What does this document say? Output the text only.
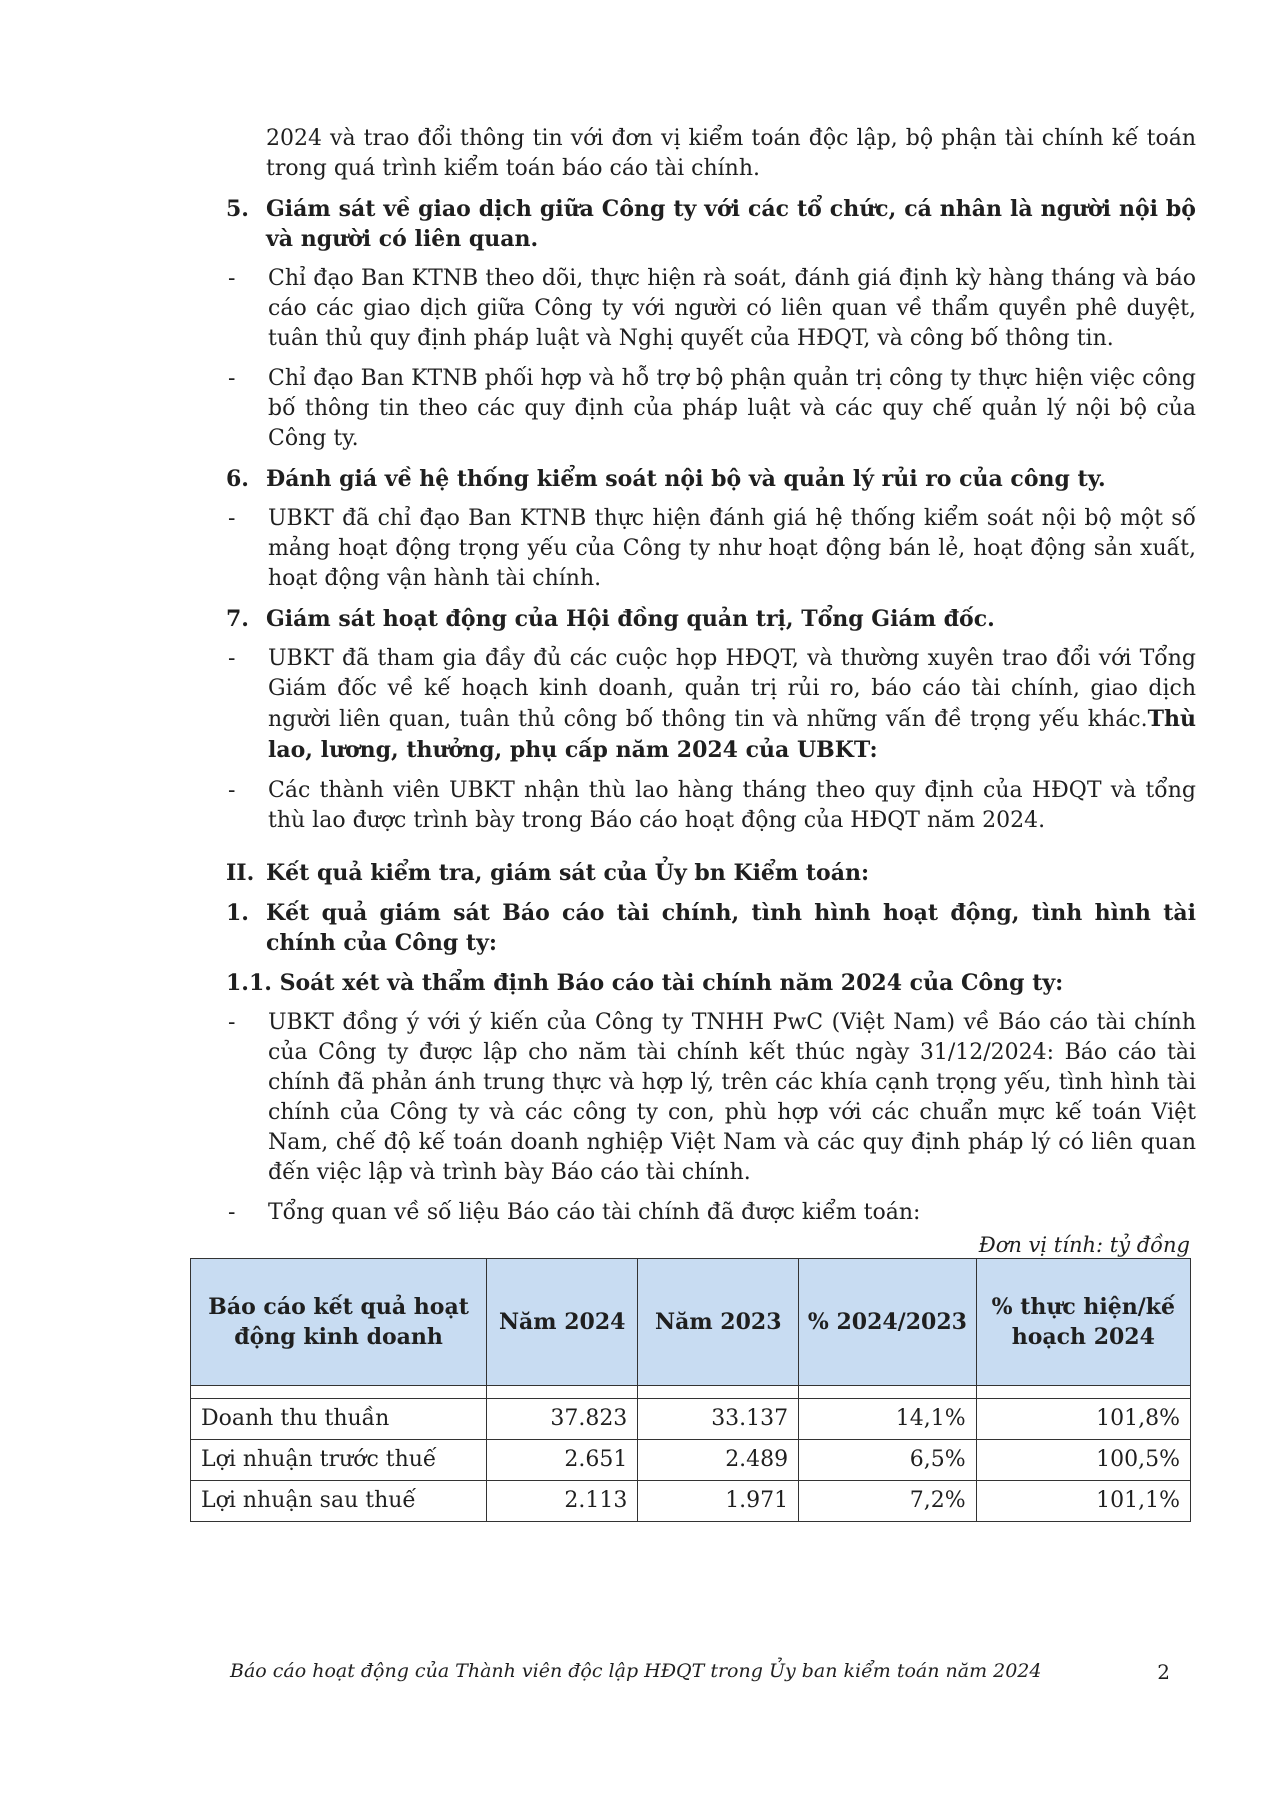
2024 và trao đổi thông tin với đơn vị kiểm toán độc lập, bộ phận tài chính kế toán trong quá trình kiểm toán báo cáo tài chính.

5. Giám sát về giao dịch giữa Công ty với các tổ chức, cá nhân là người nội bộ và người có liên quan.
-	Chỉ đạo Ban KTNB theo dõi, thực hiện rà soát, đánh giá định kỳ hàng tháng và báo cáo các giao dịch giữa Công ty với người có liên quan về thẩm quyền phê duyệt, tuân thủ quy định pháp luật và Nghị quyết của HĐQT, và công bố thông tin.
-	Chỉ đạo Ban KTNB phối hợp và hỗ trợ bộ phận quản trị công ty thực hiện việc công bố thông tin theo các quy định của pháp luật và các quy chế quản lý nội bộ của Công ty.
6. Đánh giá về hệ thống kiểm soát nội bộ và quản lý rủi ro của công ty.
-	UBKT đã chỉ đạo Ban KTNB thực hiện đánh giá hệ thống kiểm soát nội bộ một số mảng hoạt động trọng yếu của Công ty như hoạt động bán lẻ, hoạt động sản xuất, hoạt động vận hành tài chính.
7. Giám sát hoạt động của Hội đồng quản trị, Tổng Giám đốc.
-	UBKT đã tham gia đầy đủ các cuộc họp HĐQT, và thường xuyên trao đổi với Tổng Giám đốc về kế hoạch kinh doanh, quản trị rủi ro, báo cáo tài chính, giao dịch người liên quan, tuân thủ công bố thông tin và những vấn đề trọng yếu khác.Thù lao, lương, thưởng, phụ cấp năm 2024 của UBKT:
-	Các thành viên UBKT nhận thù lao hàng tháng theo quy định của HĐQT và tổng thù lao được trình bày trong Báo cáo hoạt động của HĐQT năm 2024.
II. Kết quả kiểm tra, giám sát của Ủy bn Kiểm toán:
1. Kết quả giám sát Báo cáo tài chính, tình hình hoạt động, tình hình tài chính của Công ty:

1.1. Soát xét và thẩm định Báo cáo tài chính năm 2024 của Công ty:

-	UBKT đồng ý với ý kiến của Công ty TNHH PwC (Việt Nam) về Báo cáo tài chính của Công ty được lập cho năm tài chính kết thúc ngày 31/12/2024: Báo cáo tài chính đã phản ánh trung thực và hợp lý, trên các khía cạnh trọng yếu, tình hình tài chính của Công ty và các công ty con, phù hợp với các chuẩn mực kế toán Việt Nam, chế độ kế toán doanh nghiệp Việt Nam và các quy định pháp lý có liên quan đến việc lập và trình bày Báo cáo tài chính.
-	Tổng quan về số liệu Báo cáo tài chính đã được kiểm toán:
Đơn vị tính: tỷ đồng
Báo cáo kết quả hoạt động kinh doanh	Năm 2024	Năm 2023	% 2024/2023	% thực hiện/kế hoạch 2024

Doanh thu thuần	37.823	33.137	14,1%	101,8%
Lợi nhuận trước thuế	2.651	2.489	6,5%	100,5%
Lợi nhuận sau thuế	2.113	1.971	7,2%	101,1%
Báo cáo hoạt động của Thành viên độc lập HĐQT trong Ủy ban kiểm toán năm 2024	2
